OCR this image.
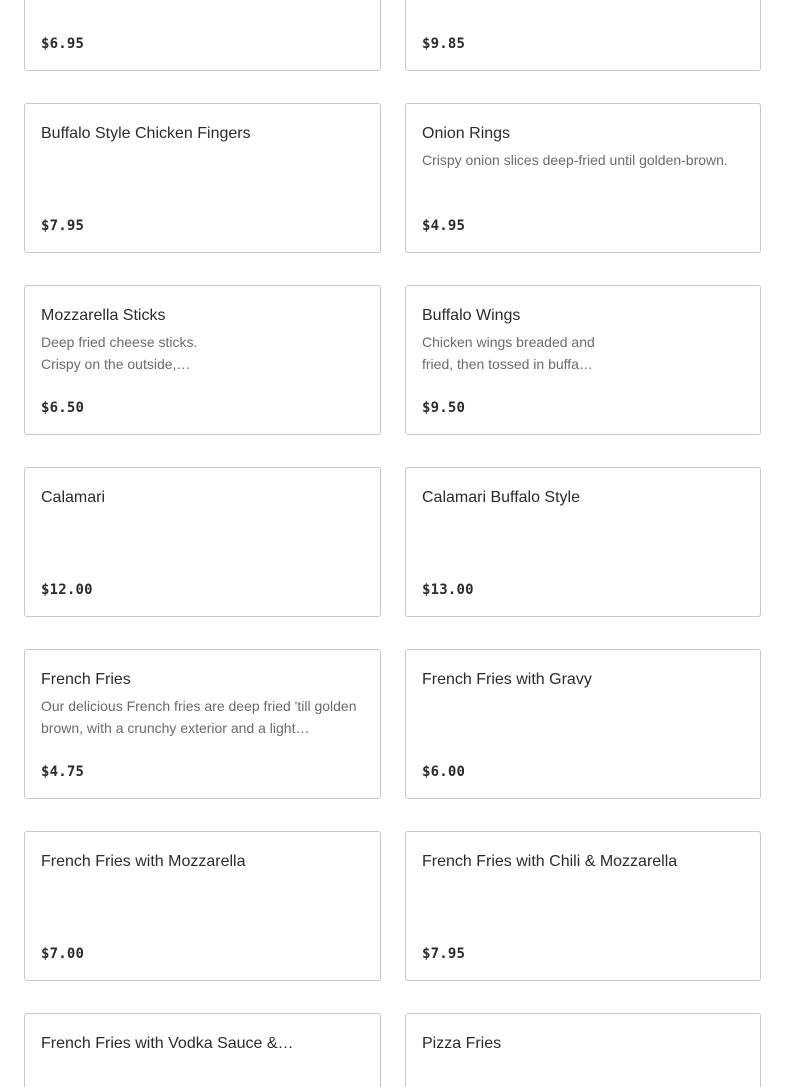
$6.95	$9.85
Buffalo Style Chicken Fingers
$7.95
Onion Rings
Crispy onion slices deep-fried until golden-brown.
$4.95
Mozzarella Sticks
Deep fried cheese sticks. Crispy on the outside,…
$6.50
Buffalo Wings
Chicken wings breaded and fried, then tossed in buffa…
$9.50
Calamari
$12.00
Calamari Buffalo Style
$13.00
French Fries
Our delicious French fries are deep fried 'till golden brown, with a crunchy exterior and a light…
$4.75
French Fries with Gravy
$6.00
French Fries with Mozzarella
$7.00
French Fries with Chili & Mozzarella
$7.95
French Fries with Vodka Sauce &…	Pizza Fries
